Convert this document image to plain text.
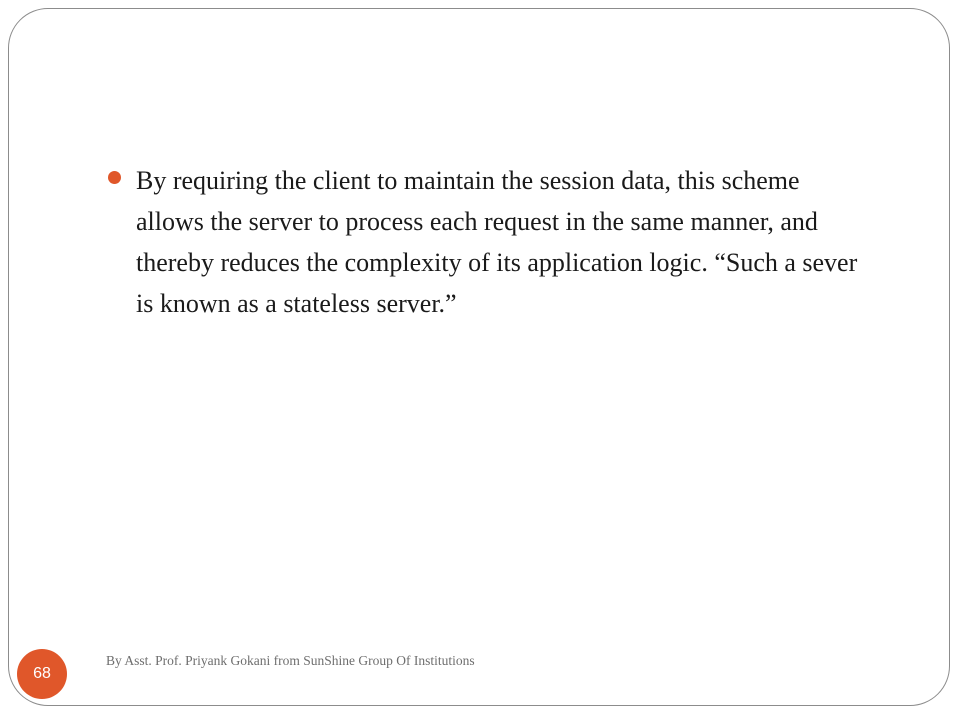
By requiring the client to maintain the session data, this scheme allows the server to process each request in the same manner, and thereby reduces the complexity of its application logic. “Such a sever is known as a stateless server.”

68

By Asst. Prof. Priyank Gokani from SunShine Group Of Institutions
